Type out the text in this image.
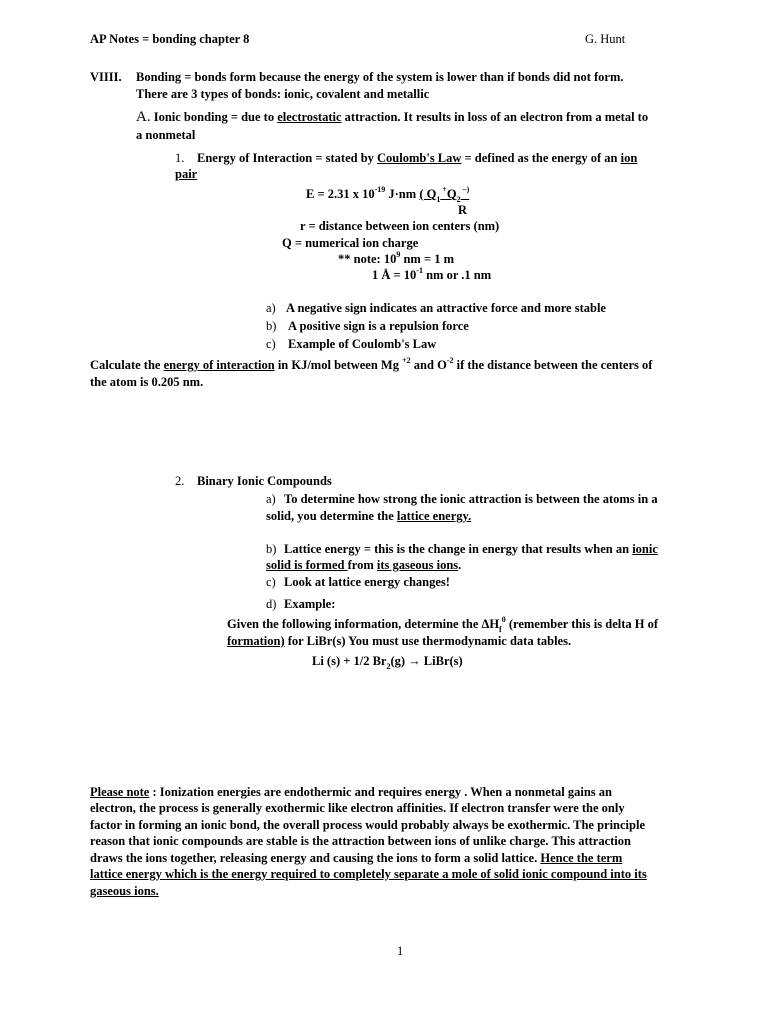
AP Notes = bonding chapter 8	G. Hunt
VIIII. Bonding = bonds form because the energy of the system is lower than if bonds did not form.
There are 3 types of bonds: ionic, covalent and metallic
A. Ionic bonding = due to electrostatic attraction. It results in loss of an electron from a metal to
a nonmetal
1. Energy of Interaction = stated by Coulomb's Law = defined as the energy of an ion
pair
E = 2.31 x $10^{-19}$ J·nm ( $Q_1$ $^+Q_2$ –)
R
r = distance between ion centers (nm)
Q = numerical ion charge
** note: $10^9$ nm = 1 m
1 Å = $10^{-1}$ nm or .1 nm
a) A negative sign indicates an attractive force and more stable
b) A positive sign is a repulsion force
c) Example of Coulomb's Law
Calculate the energy of interaction in KJ/mol between Mg $^{+2}$ and $O^{-2}$ if the distance between the centers of
the atom is 0.205 nm.
2. Binary Ionic Compounds
a) To determine how strong the ionic attraction is between the atoms in a
solid, you determine the lattice energy.
b) Lattice energy = this is the change in energy that results when an ionic
solid is formed from its gaseous ions.
c) Look at lattice energy changes!
d) Example:
Given the following information, determine the $\Delta H_f^0$ (remember this is delta H of
formation) for LiBr(s) You must use thermodynamic data tables.
Li (s) + 1/2 $Br_2(g)$ → LiBr(s)
Please note : Ionization energies are endothermic and requires energy . When a nonmetal gains an
electron, the process is generally exothermic like electron affinities. If electron transfer were the only
factor in forming an ionic bond, the overall process would probably always be exothermic. The principle
reason that ionic compounds are stable is the attraction between ions of unlike charge. This attraction
draws the ions together, releasing energy and causing the ions to form a solid lattice. Hence the term
lattice energy which is the energy required to completely separate a mole of solid ionic compound into its
gaseous ions.
1
